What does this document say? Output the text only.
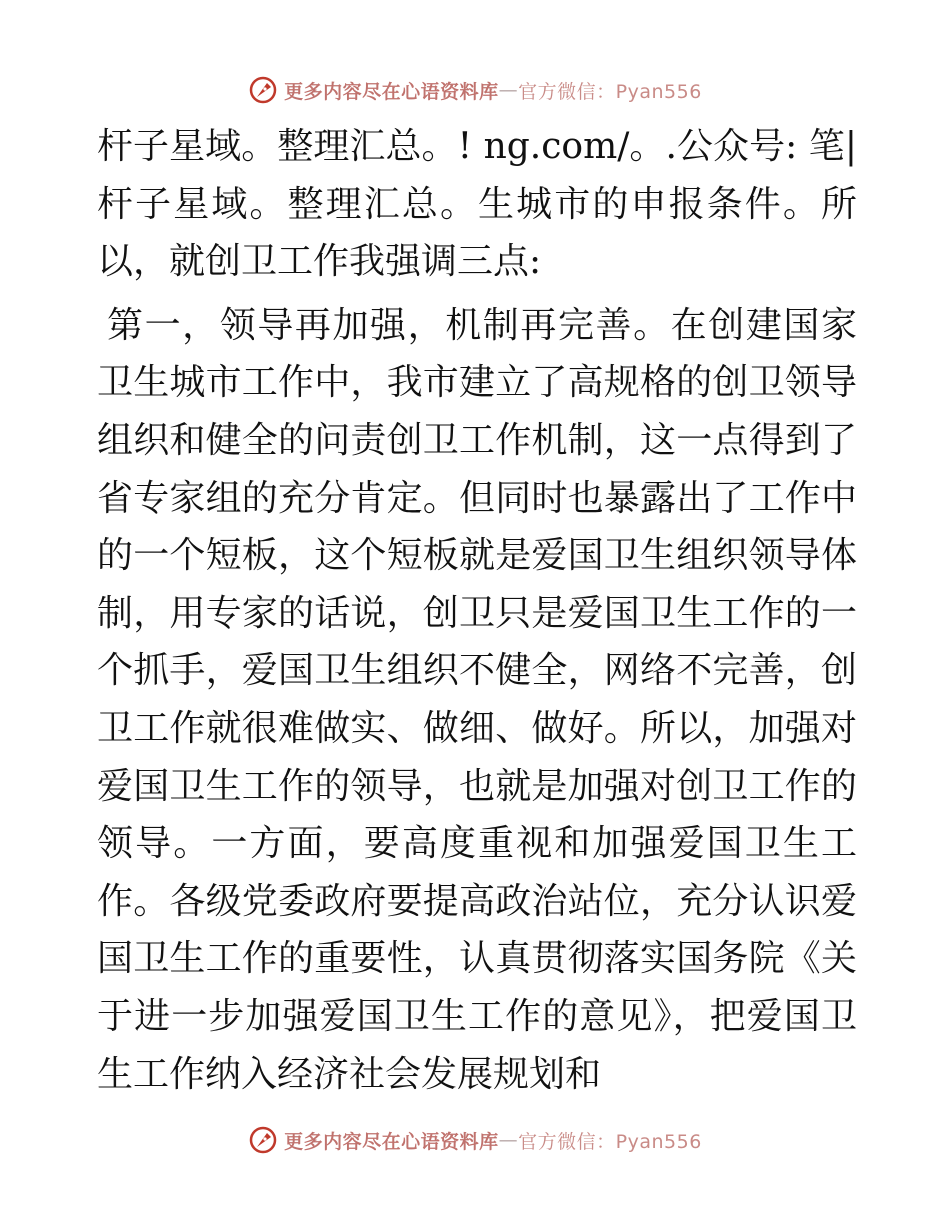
更多内容尽在心语资料库 — 官方微信：Pyan556

杆子星域。整理汇总。! ng.com/。.公众号: 笔|杆子星域。整理汇总。生城市的申报条件。所以，就创卫工作我强调三点:

第一，领导再加强，机制再完善。在创建国家卫生城市工作中，我市建立了高规格的创卫领导组织和健全的问责创卫工作机制，这一点得到了省专家组的充分肯定。但同时也暴露出了工作中的一个短板，这个短板就是爱国卫生组织领导体制，用专家的话说，创卫只是爱国卫生工作的一个抓手，爱国卫生组织不健全，网络不完善，创卫工作就很难做实、做细、做好。所以，加强对爱国卫生工作的领导，也就是加强对创卫工作的领导。一方面，要高度重视和加强爱国卫生工作。各级党委政府要提高政治站位，充分认识爱国卫生工作的重要性，认真贯彻落实国务院《关于进一步加强爱国卫生工作的意见》，把爱国卫生工作纳入经济社会发展规划和

更多内容尽在心语资料库 — 官方微信：Pyan556
